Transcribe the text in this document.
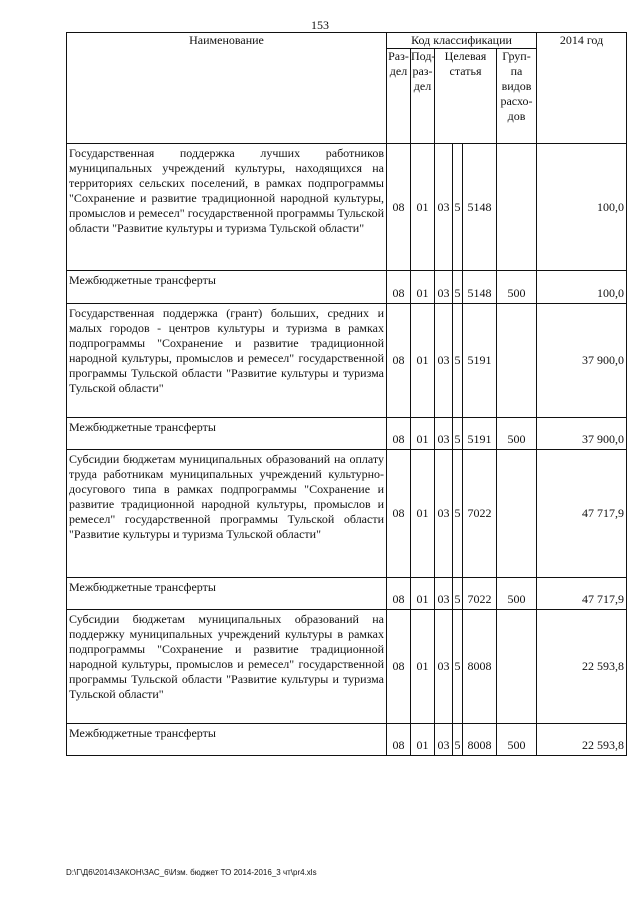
153
Наименование	Код классификации						2014 год
	Раз-дел	Под-раз-дел	Целевая статья			Груп-па видов расхо-дов	
Государственная поддержка лучших работников муниципальных учреждений культуры, находящихся на территориях сельских поселений, в рамках подпрограммы "Сохранение и развитие традиционной народной культуры, промыслов и ремесел" государственной программы Тульской области "Развитие культуры и туризма Тульской области"	08	01	03	5	5148		100,0
Межбюджетные трансферты	08	01	03	5	5148	500	100,0
Государственная поддержка (грант) больших, средних и малых городов - центров культуры и туризма в рамках подпрограммы "Сохранение и развитие традиционной народной культуры, промыслов и ремесел" государственной программы Тульской области "Развитие культуры и туризма Тульской области"	08	01	03	5	5191		37 900,0
Межбюджетные трансферты	08	01	03	5	5191	500	37 900,0
Субсидии бюджетам муниципальных образований на оплату труда работникам муниципальных учреждений культурно-досугового типа в рамках подпрограммы "Сохранение и развитие традиционной народной культуры, промыслов и ремесел" государственной программы Тульской области "Развитие культуры и туризма Тульской области"	08	01	03	5	7022		47 717,9
Межбюджетные трансферты	08	01	03	5	7022	500	47 717,9
Субсидии бюджетам муниципальных образований на поддержку муниципальных учреждений культуры в рамках подпрограммы "Сохранение и развитие традиционной народной культуры, промыслов и ремесел" государственной программы Тульской области "Развитие культуры и туризма Тульской области"	08	01	03	5	8008		22 593,8
Межбюджетные трансферты	08	01	03	5	8008	500	22 593,8
D:\Г\Д6\2014\ЗАКОН\ЗАС_6\Изм. бюджет ТО 2014-2016_3 чт\pr4.xls
